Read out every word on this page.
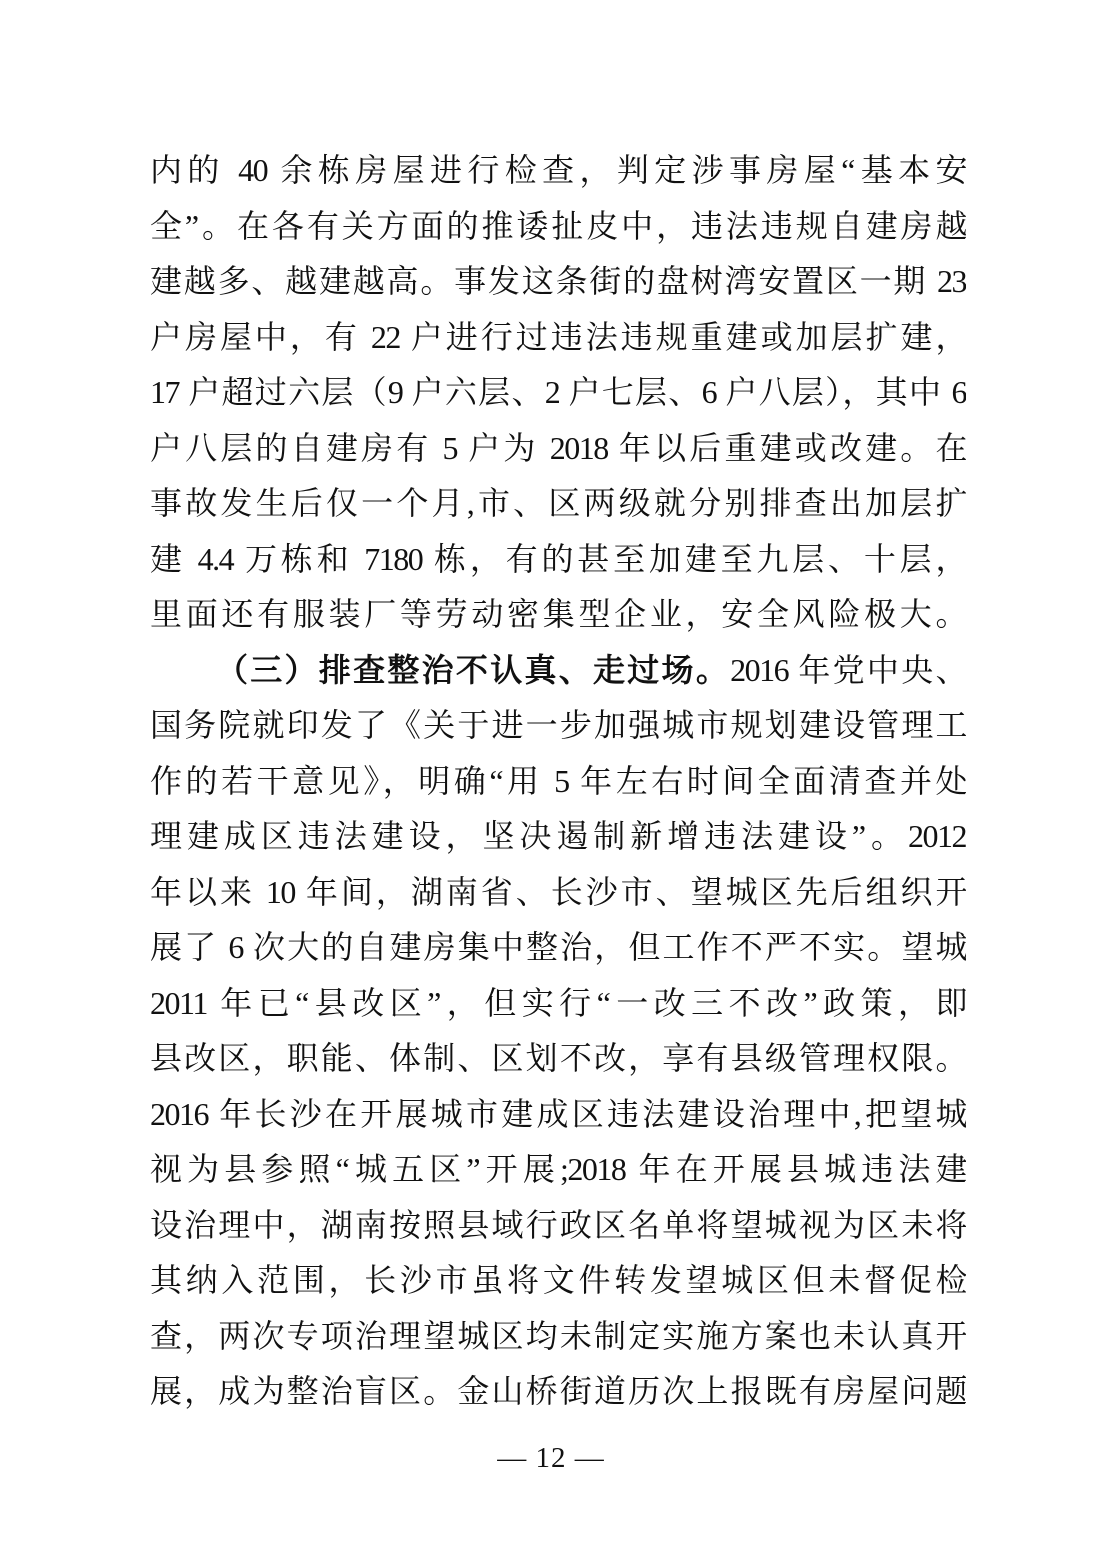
内的 40 余栋房屋进行检查，判定涉事房屋“基本安
全”。在各有关方面的推诿扯皮中，违法违规自建房越
建越多、越建越高。事发这条街的盘树湾安置区一期 23
户房屋中，有 22 户进行过违法违规重建或加层扩建，
17 户超过六层（9 户六层、2 户七层、6 户八层），其中 6
户八层的自建房有 5 户为 2018 年以后重建或改建。在
事故发生后仅一个月,市、区两级就分别排查出加层扩
建 4.4 万栋和 7180 栋，有的甚至加建至九层、十层，
里面还有服装厂等劳动密集型企业，安全风险极大。
（三）排查整治不认真、走过场。2016 年党中央、
国务院就印发了《关于进一步加强城市规划建设管理工
作的若干意见》，明确“用 5 年左右时间全面清查并处
理建成区违法建设，坚决遏制新增违法建设”。2012
年以来 10 年间，湖南省、长沙市、望城区先后组织开
展了 6 次大的自建房集中整治，但工作不严不实。望城
2011 年已“县改区”，但实行“一改三不改”政策，即
县改区，职能、体制、区划不改，享有县级管理权限。
2016 年长沙在开展城市建成区违法建设治理中,把望城
视为县参照“城五区”开展;2018 年在开展县城违法建
设治理中，湖南按照县域行政区名单将望城视为区未将
其纳入范围，长沙市虽将文件转发望城区但未督促检
查，两次专项治理望城区均未制定实施方案也未认真开
展，成为整治盲区。金山桥街道历次上报既有房屋问题
— 12 —
